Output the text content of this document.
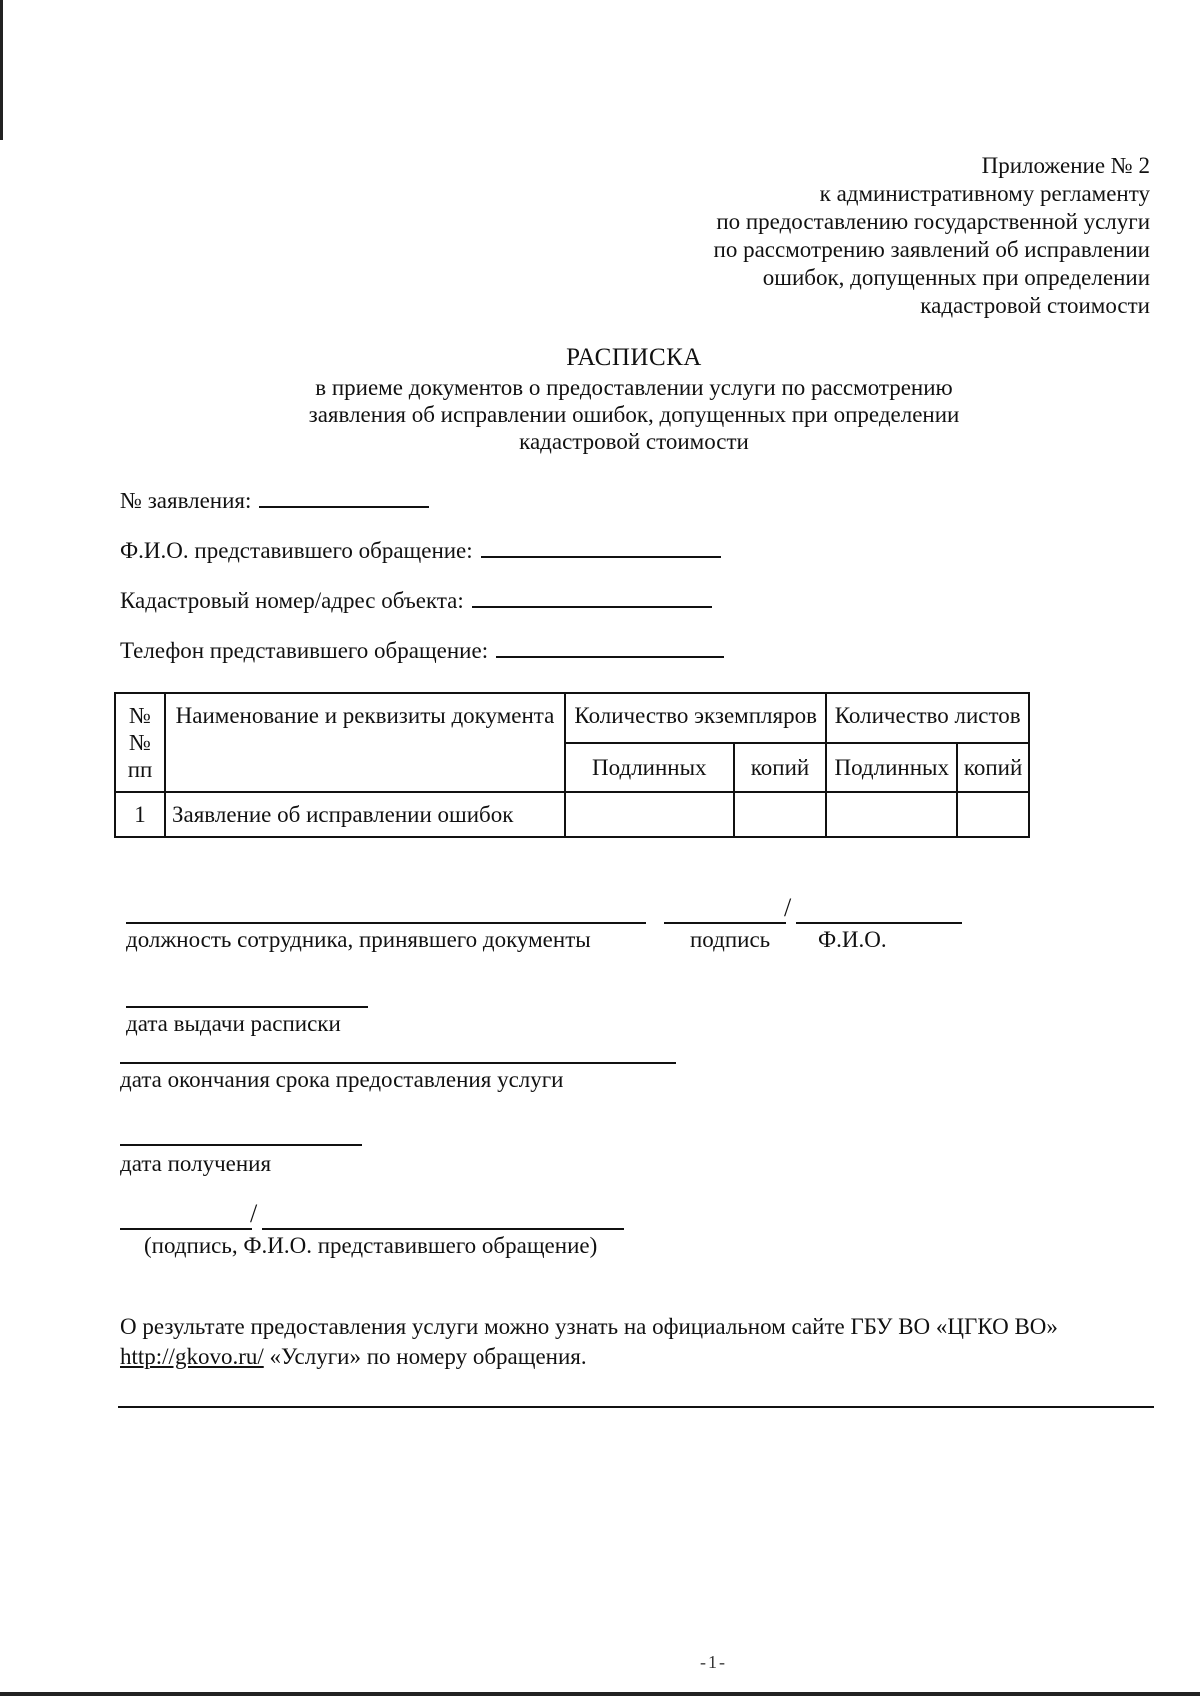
Приложение № 2
к административному регламенту
по предоставлению государственной услуги
по рассмотрению заявлений об исправлении
ошибок, допущенных при определении
кадастровой стоимости
РАСПИСКА
в приеме документов о предоставлении услуги по рассмотрению
заявления об исправлении ошибок, допущенных при определении
кадастровой стоимости
№ заявления:
Ф.И.О. представившего обращение:
Кадастровый номер/адрес объекта:
Телефон представившего обращение:
№ № пп	Наименование и реквизиты документа	Количество экземпляров		Количество листов	
		Подлинных	копий	Подлинных	копий
1	Заявление об исправлении ошибок				
/
должность сотрудника, принявшего документы	подпись Ф.И.О.
дата выдачи расписки
дата окончания срока предоставления услуги
дата получения
/
(подпись, Ф.И.О. представившего обращение)
О результате предоставления услуги можно узнать на официальном сайте ГБУ ВО «ЦГКО ВО» http://gkovo.ru/ «Услуги» по номеру обращения.
-1-
